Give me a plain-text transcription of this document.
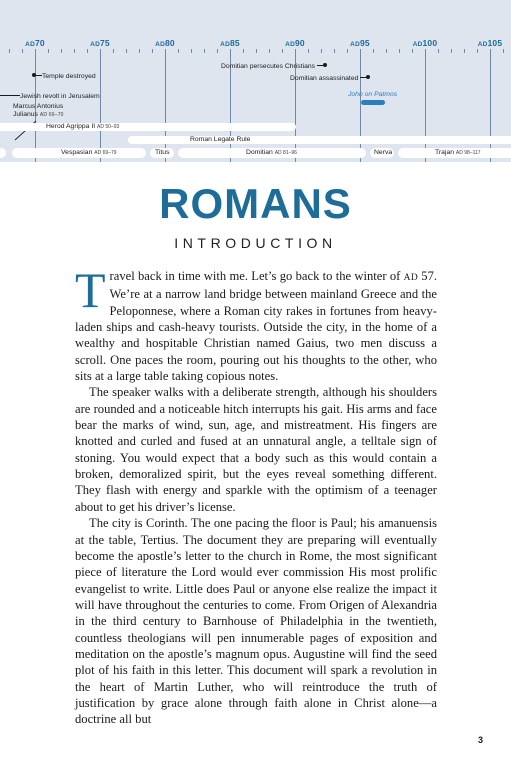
AD70	AD75	AD80	AD85	AD90	AD95	AD100	AD105
Domitian persecutes Christians
Temple destroyed	Domitian assassinated
Jewish revolt in Jerusalem
Marcus Antonius
Julianus AD 66–70
John on Patmos
Herod Agrippa II AD 50–93
Roman Legate Rule
Vespasian AD 69–79	Titus	Domitian AD 81–96	Nerva	Trajan AD 98–117
ROMANS
INTRODUCTION

Travel back in time with me. Let’s go back to the winter of AD 57. We’re at a narrow land bridge between mainland Greece and the Peloponnese, where a Roman city rakes in fortunes from heavy-laden ships and cash-heavy tourists. Outside the city, in the home of a wealthy and hospitable Christian named Gaius, two men discuss a scroll. One paces the room, pouring out his thoughts to the other, who sits at a large table taking copious notes.

The speaker walks with a deliberate strength, although his shoulders are rounded and a noticeable hitch interrupts his gait. His arms and face bear the marks of wind, sun, age, and mistreatment. His fingers are knotted and curled and fused at an unnatural angle, a telltale sign of stoning. You would expect that a body such as this would contain a broken, demoralized spirit, but the eyes reveal something different. They flash with energy and sparkle with the optimism of a teenager about to get his driver’s license.

The city is Corinth. The one pacing the floor is Paul; his amanuensis at the table, Tertius. The document they are preparing will eventually become the apostle’s letter to the church in Rome, the most significant piece of literature the Lord would ever commission His most prolific evangelist to write. Little does Paul or anyone else realize the impact it will have throughout the centuries to come. From Origen of Alexandria in the third century to Barnhouse of Philadelphia in the twentieth, countless theologians will pen innumerable pages of exposition and meditation on the apostle’s magnum opus. Augustine will find the seed plot of his faith in this letter. This document will spark a revolution in the heart of Martin Luther, who will reintroduce the truth of justification by grace alone through faith alone in Christ alone—a doctrine all but

3
